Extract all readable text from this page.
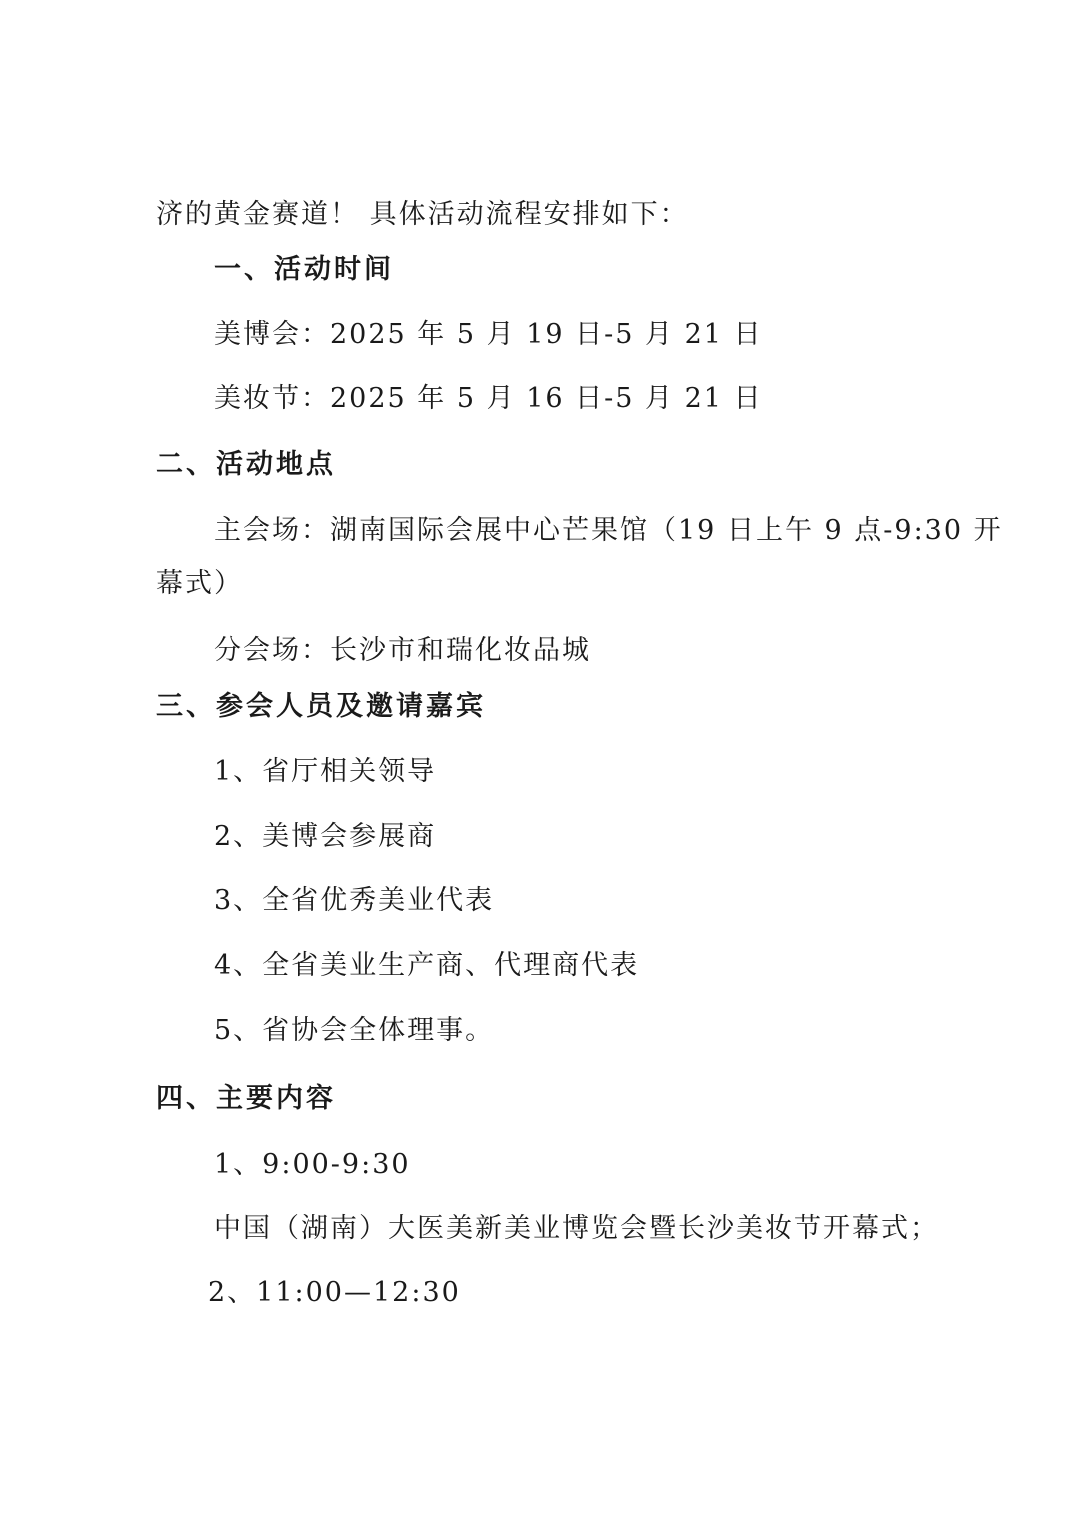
济的黄金赛道！ 具体活动流程安排如下：
一、活动时间
美博会：2025 年 5 月 19 日-5 月 21 日
美妆节：2025 年 5 月 16 日-5 月 21 日
二、活动地点
主会场：湖南国际会展中心芒果馆（19 日上午 9 点-9:30 开
幕式）
分会场：长沙市和瑞化妆品城
三、参会人员及邀请嘉宾
1、省厅相关领导
2、美博会参展商
3、全省优秀美业代表
4、全省美业生产商、代理商代表
5、省协会全体理事。
四、主要内容
1、9:00-9:30
中国（湖南）大医美新美业博览会暨长沙美妆节开幕式；
2、11:00—12:30
